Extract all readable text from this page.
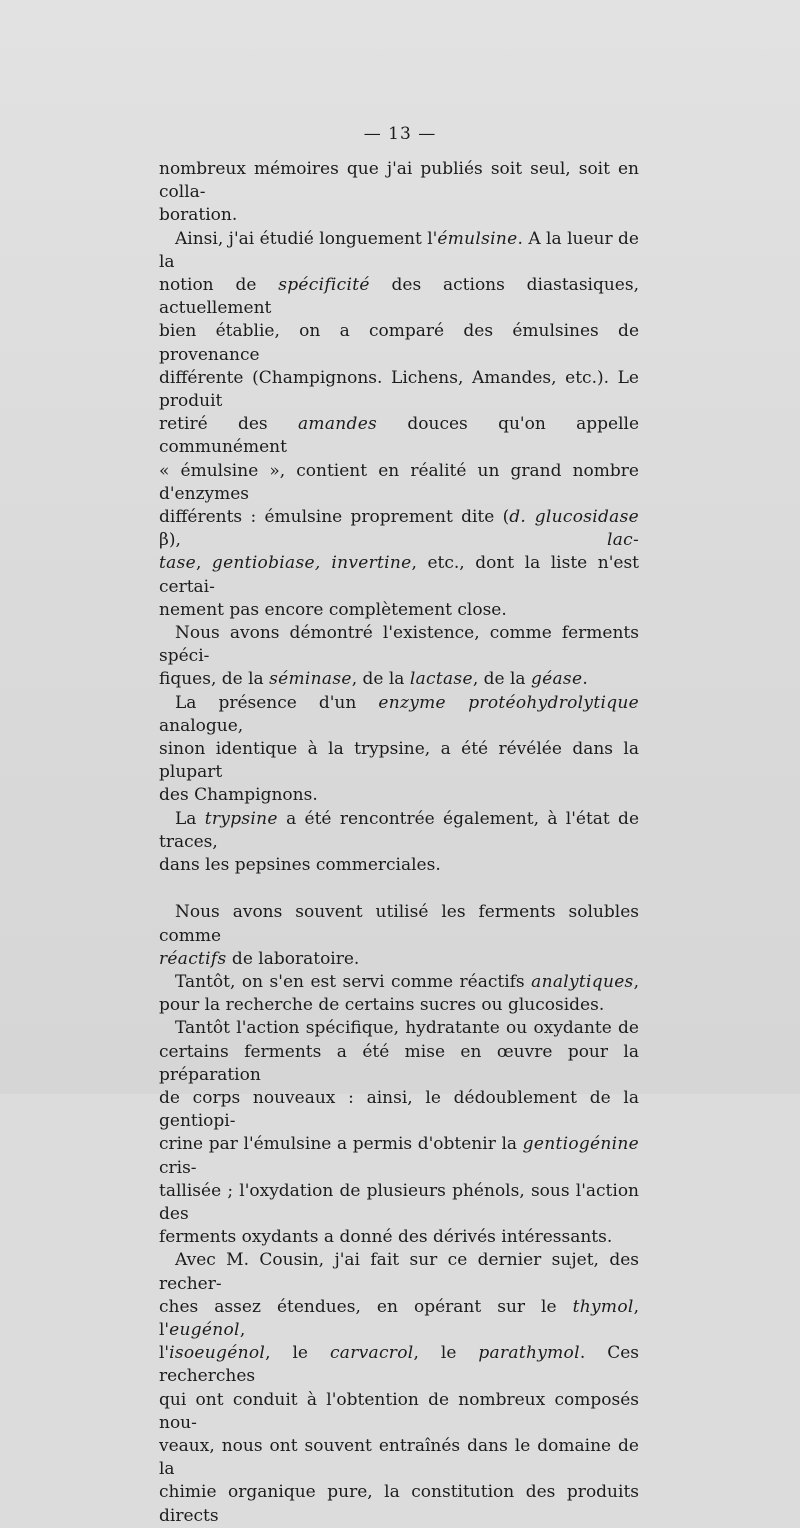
— 13 —

nombreux mémoires que j'ai publiés soit seul, soit en colla-

boration.

Ainsi, j'ai étudié longuement l'émulsine. A la lueur de la

notion de spécificité des actions diastasiques, actuellement

bien établie, on a comparé des émulsines de provenance

différente (Champignons. Lichens, Amandes, etc.). Le produit

retiré des amandes douces qu'on appelle communément

« émulsine », contient en réalité un grand nombre d'enzymes

différents : émulsine proprement dite (d. glucosidase β), lac-

tase, gentiobiase, invertine, etc., dont la liste n'est certai-

nement pas encore complètement close.

Nous avons démontré l'existence, comme ferments spéci-

fiques, de la séminase, de la lactase, de la géase.

La présence d'un enzyme protéohydrolytique analogue,

sinon identique à la trypsine, a été révélée dans la plupart

des Champignons.

La trypsine a été rencontrée également, à l'état de traces,

dans les pepsines commerciales.

Nous avons souvent utilisé les ferments solubles comme

réactifs de laboratoire.

Tantôt, on s'en est servi comme réactifs analytiques,

pour la recherche de certains sucres ou glucosides.

Tantôt l'action spécifique, hydratante ou oxydante de

certains ferments a été mise en œuvre pour la préparation

de corps nouveaux : ainsi, le dédoublement de la gentiopi-

crine par l'émulsine a permis d'obtenir la gentiogénine cris-

tallisée ; l'oxydation de plusieurs phénols, sous l'action des

ferments oxydants a donné des dérivés intéressants.

Avec M. Cousin, j'ai fait sur ce dernier sujet, des recher-

ches assez étendues, en opérant sur le thymol, l'eugénol,

l'isoeugénol, le carvacrol, le parathymol. Ces recherches

qui ont conduit à l'obtention de nombreux composés nou-

veaux, nous ont souvent entraînés dans le domaine de la

chimie organique pure, la constitution des produits directs
